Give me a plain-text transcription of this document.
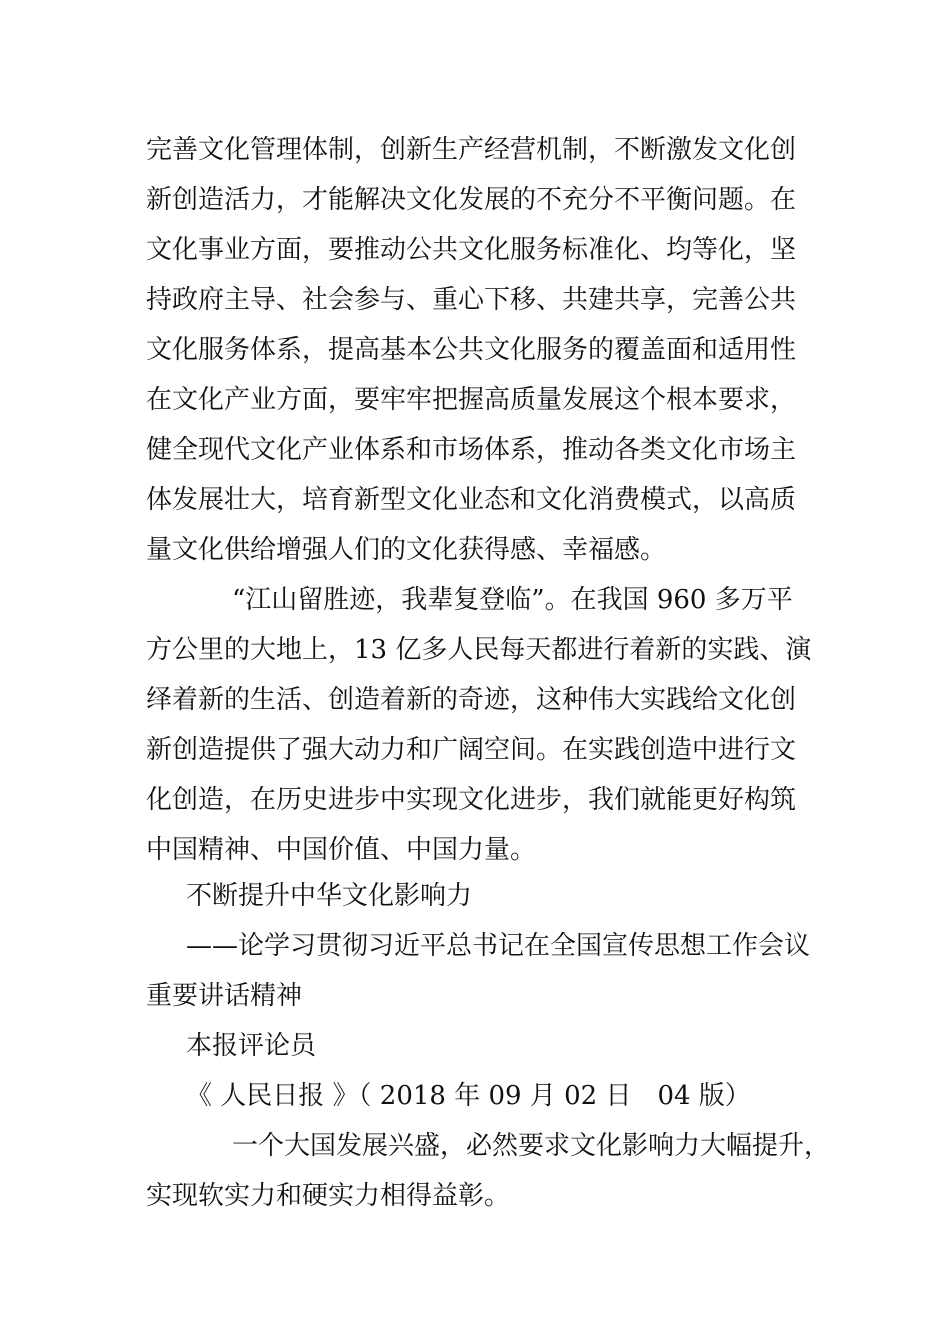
完善文化管理体制，创新生产经营机制，不断激发文化创
新创造活力，才能解决文化发展的不充分不平衡问题。在
文化事业方面，要推动公共文化服务标准化、均等化，坚
持政府主导、社会参与、重心下移、共建共享，完善公共
文化服务体系，提高基本公共文化服务的覆盖面和适用性
在文化产业方面，要牢牢把握高质量发展这个根本要求，
健全现代文化产业体系和市场体系，推动各类文化市场主
体发展壮大，培育新型文化业态和文化消费模式，以高质
量文化供给增强人们的文化获得感、幸福感。
“江山留胜迹，我辈复登临”。在我国 960 多万平
方公里的大地上，13 亿多人民每天都进行着新的实践、演
绎着新的生活、创造着新的奇迹，这种伟大实践给文化创
新创造提供了强大动力和广阔空间。在实践创造中进行文
化创造，在历史进步中实现文化进步，我们就能更好构筑
中国精神、中国价值、中国力量。
不断提升中华文化影响力
——论学习贯彻习近平总书记在全国宣传思想工作会议
重要讲话精神
本报评论员
《 人民日报 》（ 2018 年 09 月 02 日　04 版）
一个大国发展兴盛，必然要求文化影响力大幅提升，
实现软实力和硬实力相得益彰。
